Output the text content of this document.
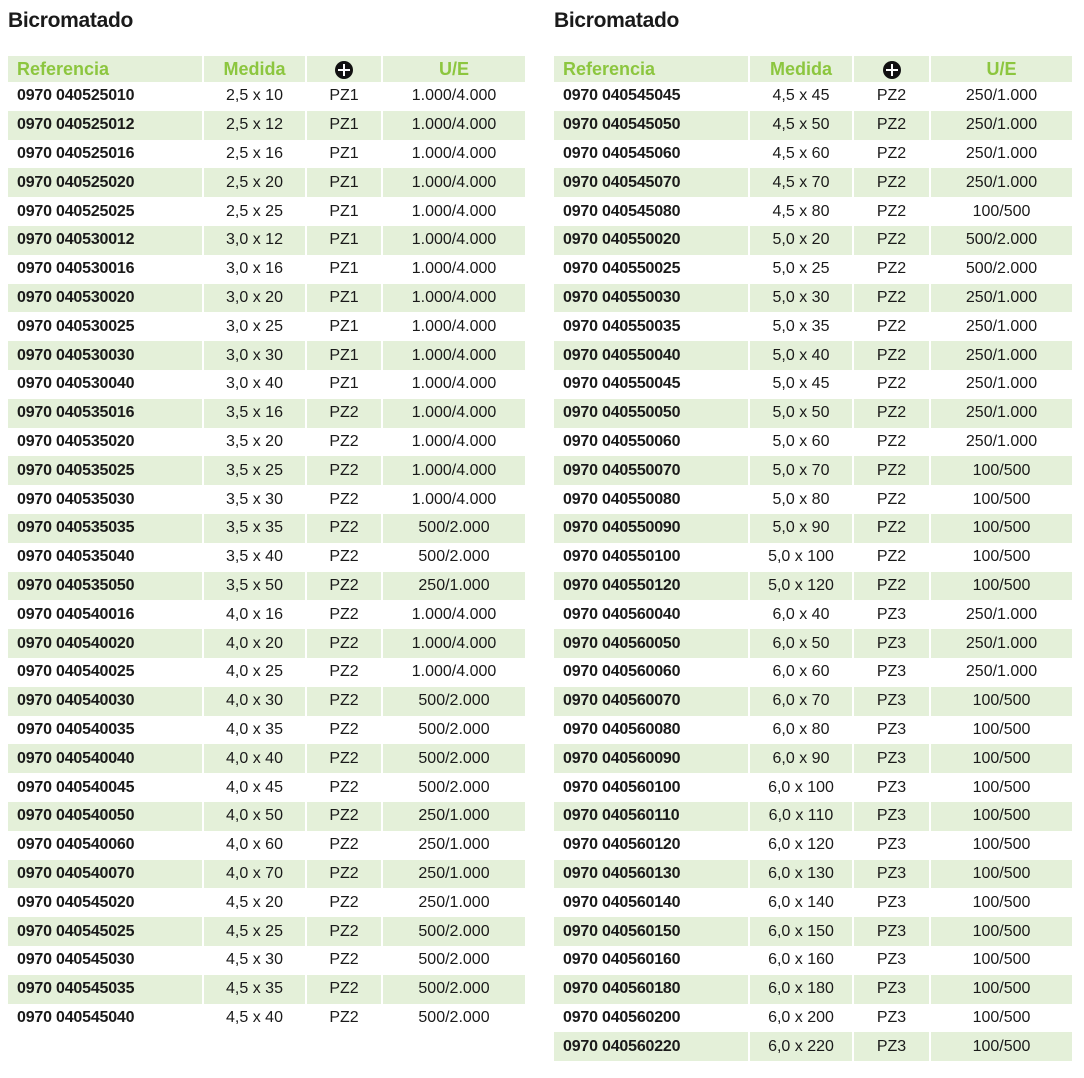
Bicromatado
Referencia	Medida		U/E
0970 040525010	2,5 x 10	PZ1	1.000/4.000
0970 040525012	2,5 x 12	PZ1	1.000/4.000
0970 040525016	2,5 x 16	PZ1	1.000/4.000
0970 040525020	2,5 x 20	PZ1	1.000/4.000
0970 040525025	2,5 x 25	PZ1	1.000/4.000
0970 040530012	3,0 x 12	PZ1	1.000/4.000
0970 040530016	3,0 x 16	PZ1	1.000/4.000
0970 040530020	3,0 x 20	PZ1	1.000/4.000
0970 040530025	3,0 x 25	PZ1	1.000/4.000
0970 040530030	3,0 x 30	PZ1	1.000/4.000
0970 040530040	3,0 x 40	PZ1	1.000/4.000
0970 040535016	3,5 x 16	PZ2	1.000/4.000
0970 040535020	3,5 x 20	PZ2	1.000/4.000
0970 040535025	3,5 x 25	PZ2	1.000/4.000
0970 040535030	3,5 x 30	PZ2	1.000/4.000
0970 040535035	3,5 x 35	PZ2	500/2.000
0970 040535040	3,5 x 40	PZ2	500/2.000
0970 040535050	3,5 x 50	PZ2	250/1.000
0970 040540016	4,0 x 16	PZ2	1.000/4.000
0970 040540020	4,0 x 20	PZ2	1.000/4.000
0970 040540025	4,0 x 25	PZ2	1.000/4.000
0970 040540030	4,0 x 30	PZ2	500/2.000
0970 040540035	4,0 x 35	PZ2	500/2.000
0970 040540040	4,0 x 40	PZ2	500/2.000
0970 040540045	4,0 x 45	PZ2	500/2.000
0970 040540050	4,0 x 50	PZ2	250/1.000
0970 040540060	4,0 x 60	PZ2	250/1.000
0970 040540070	4,0 x 70	PZ2	250/1.000
0970 040545020	4,5 x 20	PZ2	250/1.000
0970 040545025	4,5 x 25	PZ2	500/2.000
0970 040545030	4,5 x 30	PZ2	500/2.000
0970 040545035	4,5 x 35	PZ2	500/2.000
0970 040545040	4,5 x 40	PZ2	500/2.000
Bicromatado
Referencia	Medida		U/E
0970 040545045	4,5 x 45	PZ2	250/1.000
0970 040545050	4,5 x 50	PZ2	250/1.000
0970 040545060	4,5 x 60	PZ2	250/1.000
0970 040545070	4,5 x 70	PZ2	250/1.000
0970 040545080	4,5 x 80	PZ2	100/500
0970 040550020	5,0 x 20	PZ2	500/2.000
0970 040550025	5,0 x 25	PZ2	500/2.000
0970 040550030	5,0 x 30	PZ2	250/1.000
0970 040550035	5,0 x 35	PZ2	250/1.000
0970 040550040	5,0 x 40	PZ2	250/1.000
0970 040550045	5,0 x 45	PZ2	250/1.000
0970 040550050	5,0 x 50	PZ2	250/1.000
0970 040550060	5,0 x 60	PZ2	250/1.000
0970 040550070	5,0 x 70	PZ2	100/500
0970 040550080	5,0 x 80	PZ2	100/500
0970 040550090	5,0 x 90	PZ2	100/500
0970 040550100	5,0 x 100	PZ2	100/500
0970 040550120	5,0 x 120	PZ2	100/500
0970 040560040	6,0 x 40	PZ3	250/1.000
0970 040560050	6,0 x 50	PZ3	250/1.000
0970 040560060	6,0 x 60	PZ3	250/1.000
0970 040560070	6,0 x 70	PZ3	100/500
0970 040560080	6,0 x 80	PZ3	100/500
0970 040560090	6,0 x 90	PZ3	100/500
0970 040560100	6,0 x 100	PZ3	100/500
0970 040560110	6,0 x 110	PZ3	100/500
0970 040560120	6,0 x 120	PZ3	100/500
0970 040560130	6,0 x 130	PZ3	100/500
0970 040560140	6,0 x 140	PZ3	100/500
0970 040560150	6,0 x 150	PZ3	100/500
0970 040560160	6,0 x 160	PZ3	100/500
0970 040560180	6,0 x 180	PZ3	100/500
0970 040560200	6,0 x 200	PZ3	100/500
0970 040560220	6,0 x 220	PZ3	100/500
